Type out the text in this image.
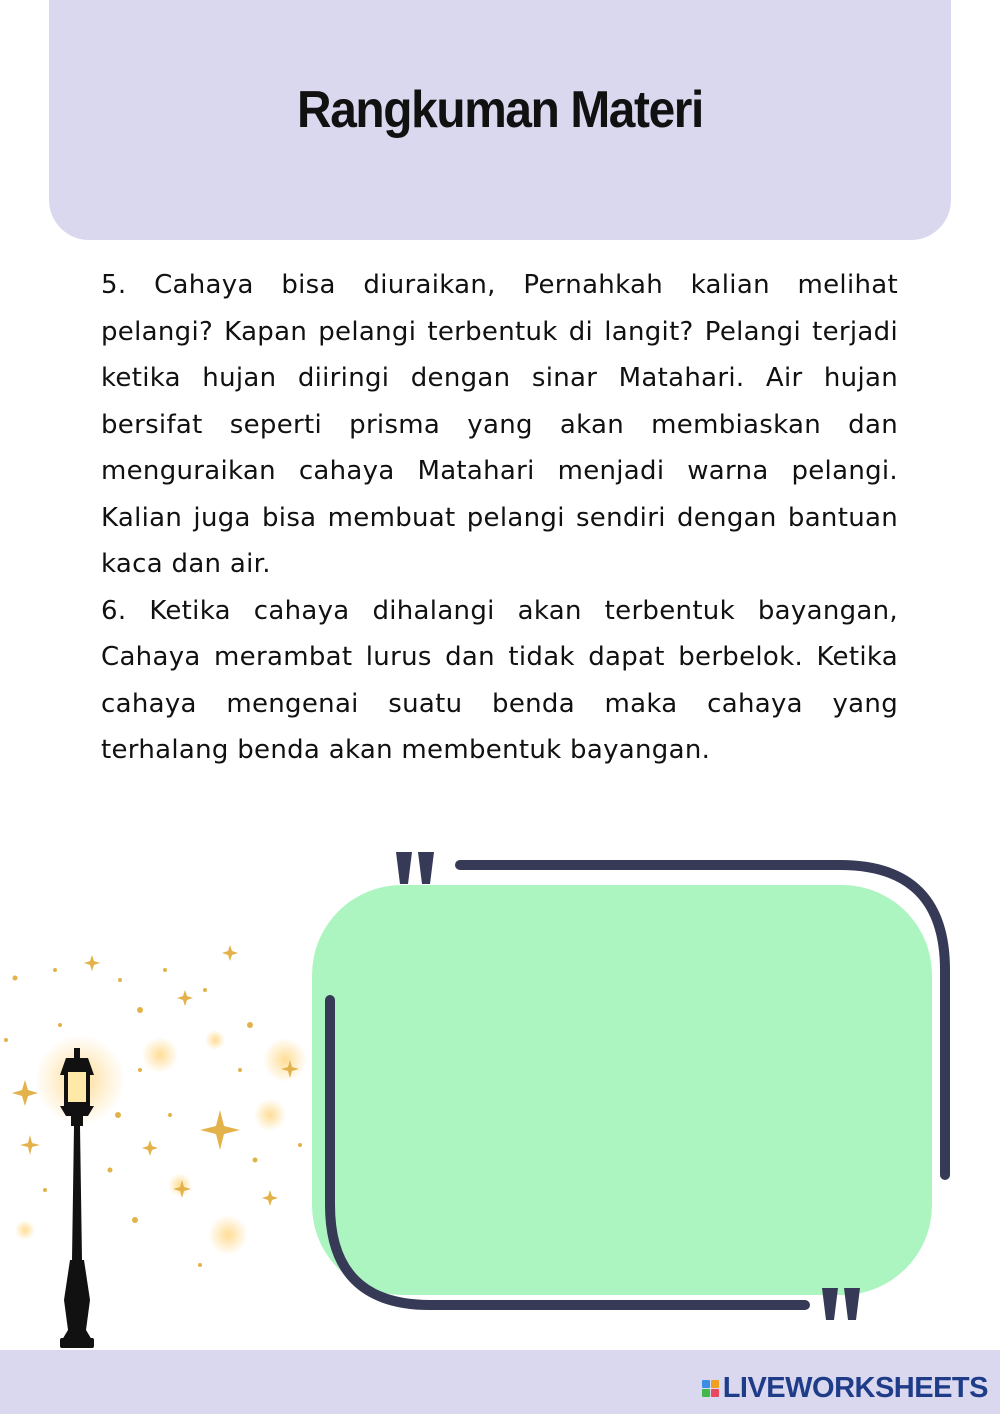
Rangkuman Materi

5. Cahaya bisa diuraikan, Pernahkah kalian melihat pelangi? Kapan pelangi terbentuk di langit? Pelangi terjadi ketika hujan diiringi dengan sinar Matahari. Air hujan bersifat seperti prisma yang akan membiaskan dan menguraikan cahaya Matahari menjadi warna pelangi. Kalian juga bisa membuat pelangi sendiri dengan bantuan kaca dan air.

6. Ketika cahaya dihalangi akan terbentuk bayangan, Cahaya merambat lurus dan tidak dapat berbelok. Ketika cahaya mengenai suatu benda maka cahaya yang terhalang benda akan membentuk bayangan.

LIVEWORKSHEETS
